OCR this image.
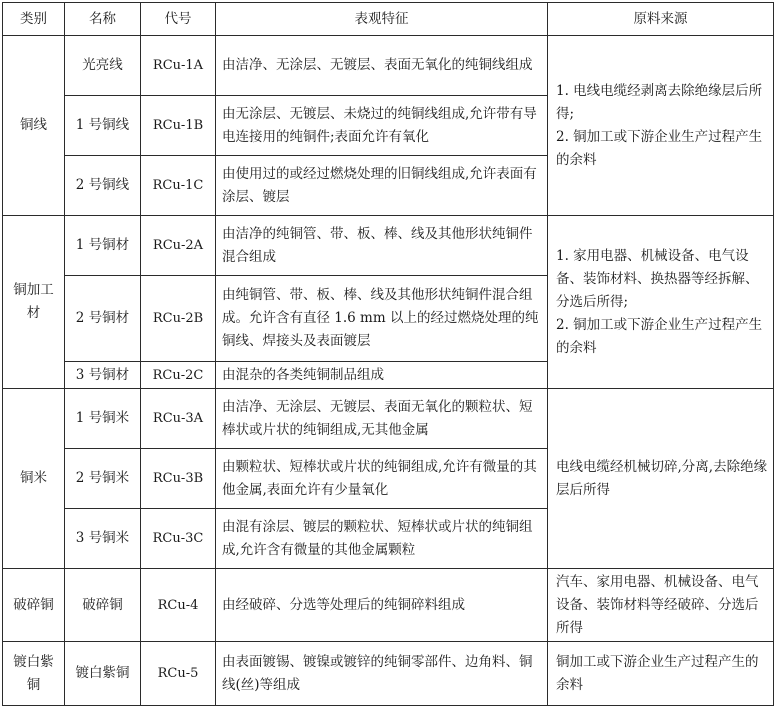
类别	名称	代号	表观特征	原料来源
铜线	光亮线	RCu-1A	由洁净、无涂层、无镀层、表面无氧化的纯铜线组成	1. 电线电缆经剥离去除绝缘层后所得;
2. 铜加工或下游企业生产过程产生的余料

	1 号铜线	RCu-1B	由无涂层、无镀层、未烧过的纯铜线组成,允许带有导电连接用的纯铜件;表面允许有氧化	
	2 号铜线	RCu-1C	由使用过的或经过燃烧处理的旧铜线组成,允许表面有涂层、镀层	
铜加工材	1 号铜材	RCu-2A	由洁净的纯铜管、带、板、棒、线及其他形状纯铜件混合组成	1. 家用电器、机械设备、电气设备、装饰材料、换热器等经拆解、分选后所得;
2. 铜加工或下游企业生产过程产生的余料

	2 号铜材	RCu-2B	由纯铜管、带、板、棒、线及其他形状纯铜件混合组成。允许含有直径 1.6 mm 以上的经过燃烧处理的纯铜线、焊接头及表面镀层	
	3 号铜材	RCu-2C	由混杂的各类纯铜制品组成	
铜米	1 号铜米	RCu-3A	由洁净、无涂层、无镀层、表面无氧化的颗粒状、短棒状或片状的纯铜组成,无其他金属	电线电缆经机械切碎,分离,去除绝缘层后所得

	2 号铜米	RCu-3B	由颗粒状、短棒状或片状的纯铜组成,允许有微量的其他金属,表面允许有少量氧化	
	3 号铜米	RCu-3C	由混有涂层、镀层的颗粒状、短棒状或片状的纯铜组成,允许含有微量的其他金属颗粒	
破碎铜	破碎铜	RCu-4	由经破碎、分选等处理后的纯铜碎料组成	汽车、家用电器、机械设备、电气设备、装饰材料等经破碎、分选后所得

镀白紫铜	镀白紫铜	RCu-5	由表面镀锡、镀镍或镀锌的纯铜零部件、边角料、铜线(丝)等组成	铜加工或下游企业生产过程产生的余料
